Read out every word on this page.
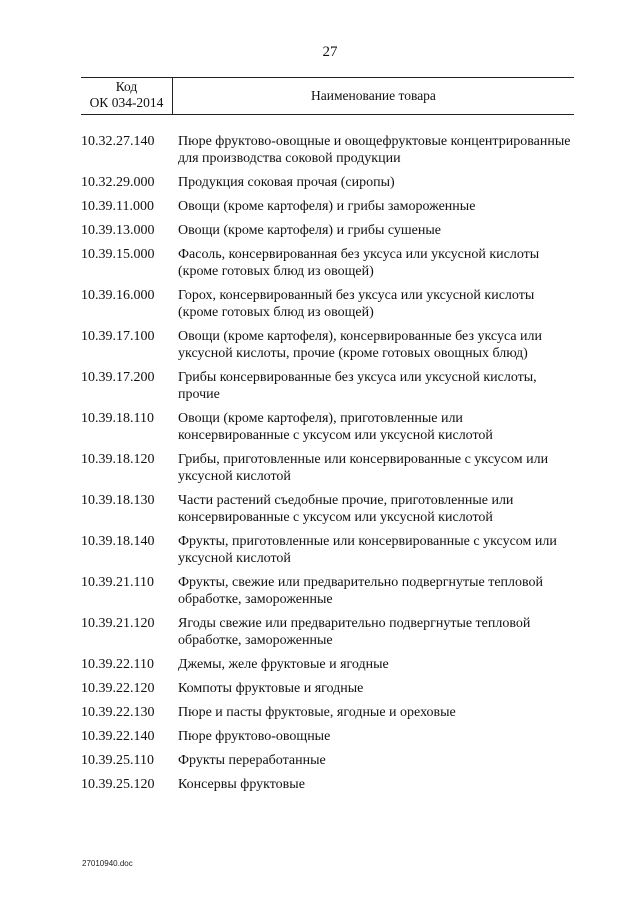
27
Код
ОК 034-2014	Наименование товара
10.32.27.140	Пюре фруктово-овощные и овощефруктовые концентрированные для производства соковой продукции
10.32.29.000	Продукция соковая прочая (сиропы)
10.39.11.000	Овощи (кроме картофеля) и грибы замороженные
10.39.13.000	Овощи (кроме картофеля) и грибы сушеные
10.39.15.000	Фасоль, консервированная без уксуса или уксусной кислоты (кроме готовых блюд из овощей)
10.39.16.000	Горох, консервированный без уксуса или уксусной кислоты (кроме готовых блюд из овощей)
10.39.17.100	Овощи (кроме картофеля), консервированные без уксуса или уксусной кислоты, прочие (кроме готовых овощных блюд)
10.39.17.200	Грибы консервированные без уксуса или уксусной кислоты, прочие
10.39.18.110	Овощи (кроме картофеля), приготовленные или консервированные с уксусом или уксусной кислотой
10.39.18.120	Грибы, приготовленные или консервированные с уксусом или уксусной кислотой
10.39.18.130	Части растений съедобные прочие, приготовленные или консервированные с уксусом или уксусной кислотой
10.39.18.140	Фрукты, приготовленные или консервированные с уксусом или уксусной кислотой
10.39.21.110	Фрукты, свежие или предварительно подвергнутые тепловой обработке, замороженные
10.39.21.120	Ягоды свежие или предварительно подвергнутые тепловой обработке, замороженные
10.39.22.110	Джемы, желе фруктовые и ягодные
10.39.22.120	Компоты фруктовые и ягодные
10.39.22.130	Пюре и пасты фруктовые, ягодные и ореховые
10.39.22.140	Пюре фруктово-овощные
10.39.25.110	Фрукты переработанные
10.39.25.120	Консервы фруктовые
27010940.doc
